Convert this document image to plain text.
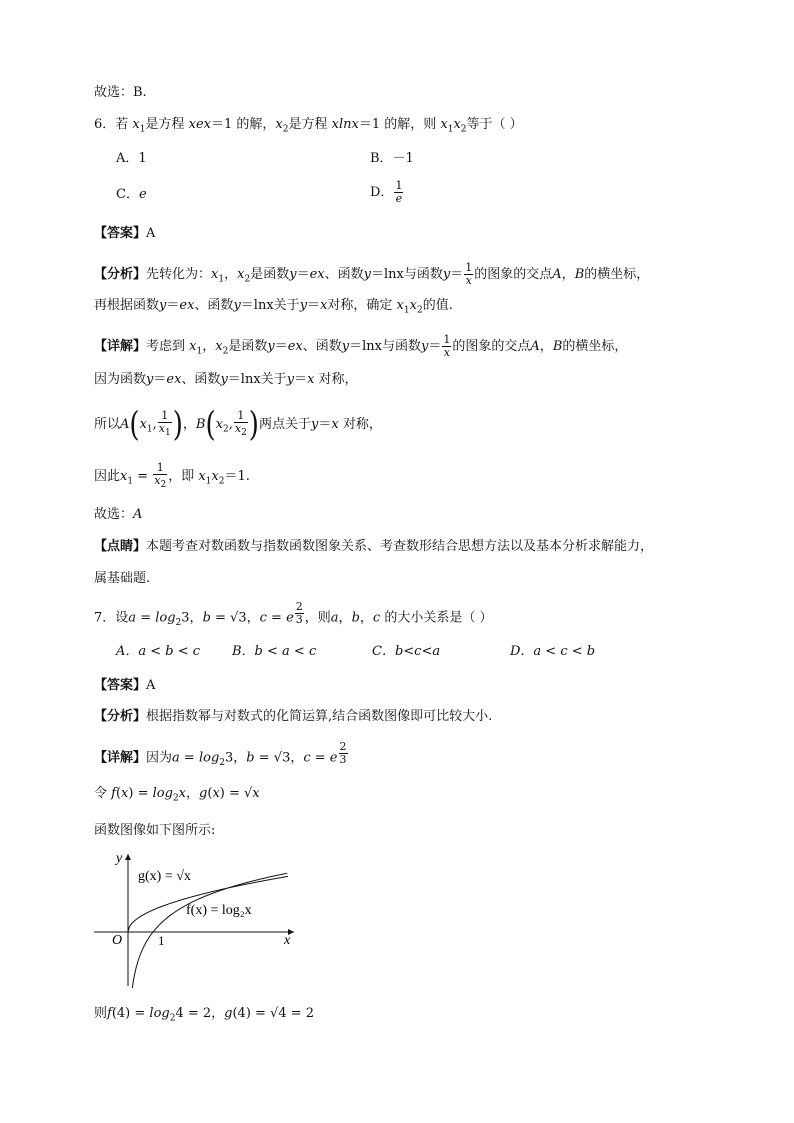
故选：B.
6．若 $x_1$是方程 xex＝1 的解，$x_2$是方程 xlnx＝1 的解，则 $x_1x_2$等于（ ）
A．1	B．－1
C．e	D． $\frac{1}{e}$
【答案】A
【分析】先转化为：$x_1$，$x_2$是函数y＝ex、函数y＝lnx与函数$y= \frac{1}{x}$ 的图象的交点A，B的横坐标，
再根据函数y＝ex、函数y＝lnx关于y＝x对称，确定 $x_1x_2$的值.
【详解】考虑到 $x_1$，$x_2$是函数y＝ex、函数y＝lnx与函数$y= \frac{1}{x}$ 的图象的交点A，B的横坐标，
因为函数y＝ex、函数y＝lnx关于y＝x 对称，
所以$A(x_1$, $\frac{1}{x_1}$ )，$B(x_2$, $\frac{1}{x_2}$ )两点关于y＝x 对称，
因此$x_1 = \frac{1}{x_2}$ ，即 $x_1x_2=1$.
故选：A
【点睛】本题考查对数函数与指数函数图象关系、考查数形结合思想方法以及基本分析求解能力，
属基础题.
7．设$a = \log_23$，b = √3，c = e $^{\frac{2}{3}}$ ，则a，b，c 的大小关系是（ ）
A．a < b < c B．b < a < c	C．b<c<a	D．a < c < b
【答案】A
【分析】根据指数幂与对数式的化简运算,结合函数图像即可比较大小.
【详解】因为$a = \log_23$，b = √3，c = e $^{\frac{2}{3}}$
令 $f(x) = \log_2x$，g(x) = √x
函数图像如下图所示:
x
y
O	1
g(x) = √x
f(x) = log₂x
则$f(4) = \log_24 = 2$，g(4) = √4 = 2
